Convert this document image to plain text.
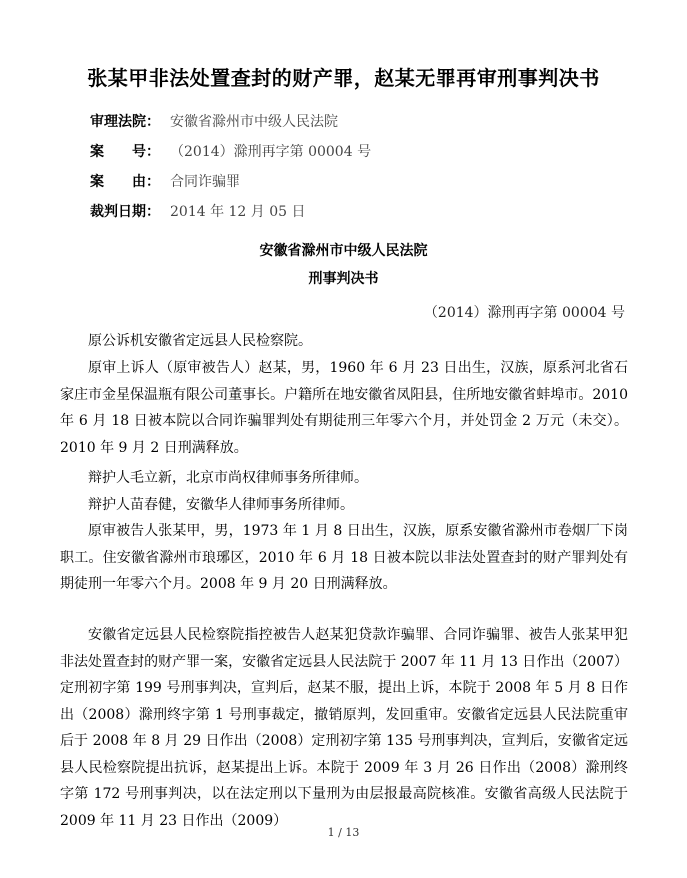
张某甲非法处置查封的财产罪，赵某无罪再审刑事判决书
审理法院： 安徽省滁州市中级人民法院
案　　号： （2014）滁刑再字第 00004 号
案　　由： 合同诈骗罪
裁判日期： 2014 年 12 月 05 日
安徽省滁州市中级人民法院
刑事判决书
（2014）滁刑再字第 00004 号

原公诉机安徽省定远县人民检察院。

原审上诉人（原审被告人）赵某，男，1960 年 6 月 23 日出生，汉族，原系河北省石家庄市金星保温瓶有限公司董事长。户籍所在地安徽省凤阳县，住所地安徽省蚌埠市。2010 年 6 月 18 日被本院以合同诈骗罪判处有期徒刑三年零六个月，并处罚金 2 万元（未交）。2010 年 9 月 2 日刑满释放。

辩护人毛立新，北京市尚权律师事务所律师。

辩护人苗春健，安徽华人律师事务所律师。

原审被告人张某甲，男，1973 年 1 月 8 日出生，汉族，原系安徽省滁州市卷烟厂下岗职工。住安徽省滁州市琅琊区，2010 年 6 月 18 日被本院以非法处置查封的财产罪判处有期徒刑一年零六个月。2008 年 9 月 20 日刑满释放。

安徽省定远县人民检察院指控被告人赵某犯贷款诈骗罪、合同诈骗罪、被告人张某甲犯非法处置查封的财产罪一案，安徽省定远县人民法院于 2007 年 11 月 13 日作出（2007）定刑初字第 199 号刑事判决，宣判后，赵某不服，提出上诉，本院于 2008 年 5 月 8 日作出（2008）滁刑终字第 1 号刑事裁定，撤销原判，发回重审。安徽省定远县人民法院重审后于 2008 年 8 月 29 日作出（2008）定刑初字第 135 号刑事判决，宣判后，安徽省定远县人民检察院提出抗诉，赵某提出上诉。本院于 2009 年 3 月 26 日作出（2008）滁刑终字第 172 号刑事判决，以在法定刑以下量刑为由层报最高院核准。安徽省高级人民法院于 2009 年 11 月 23 日作出（2009）

1 / 13
